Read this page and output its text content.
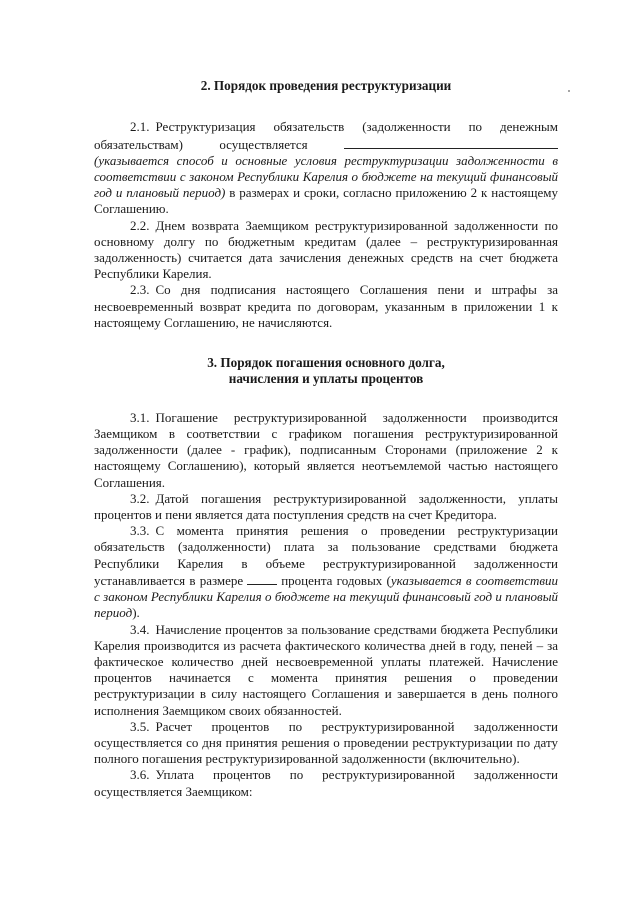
2. Порядок проведения реструктуризации

2.1. Реструктуризация обязательств (задолженности по денежным обязательствам) осуществляется (указывается способ и основные условия реструктуризации задолженности в соответствии с законом Республики Карелия о бюджете на текущий финансовый год и плановый период) в размерах и сроки, согласно приложению 2 к настоящему Соглашению.

2.2. Днем возврата Заемщиком реструктуризированной задолженности по основному долгу по бюджетным кредитам (далее – реструктуризированная задолженность) считается дата зачисления денежных средств на счет бюджета Республики Карелия.

2.3. Со дня подписания настоящего Соглашения пени и штрафы за несвоевременный возврат кредита по договорам, указанным в приложении 1 к настоящему Соглашению, не начисляются.

3. Порядок погашения основного долга,
начисления и уплаты процентов

3.1. Погашение реструктуризированной задолженности производится Заемщиком в соответствии с графиком погашения реструктуризированной задолженности (далее - график), подписанным Сторонами (приложение 2 к настоящему Соглашению), который является неотъемлемой частью настоящего Соглашения.

3.2. Датой погашения реструктуризированной задолженности, уплаты процентов и пени является дата поступления средств на счет Кредитора.

3.3. С момента принятия решения о проведении реструктуризации обязательств (задолженности) плата за пользование средствами бюджета Республики Карелия в объеме реструктуризированной задолженности устанавливается в размере	процента годовых (указывается в соответствии с законом Республики Карелия о бюджете на текущий финансовый год и плановый период).

3.4. Начисление процентов за пользование средствами бюджета Республики Карелия производится из расчета фактического количества дней в году, пеней – за фактическое количество дней несвоевременной уплаты платежей. Начисление процентов начинается с момента принятия решения о проведении реструктуризации в силу настоящего Соглашения и завершается в день полного исполнения Заемщиком своих обязанностей.

3.5. Расчет процентов по реструктуризированной задолженности осуществляется со дня принятия решения о проведении реструктуризации по дату полного погашения реструктуризированной задолженности (включительно).

3.6. Уплата процентов по реструктуризированной задолженности осуществляется Заемщиком:
